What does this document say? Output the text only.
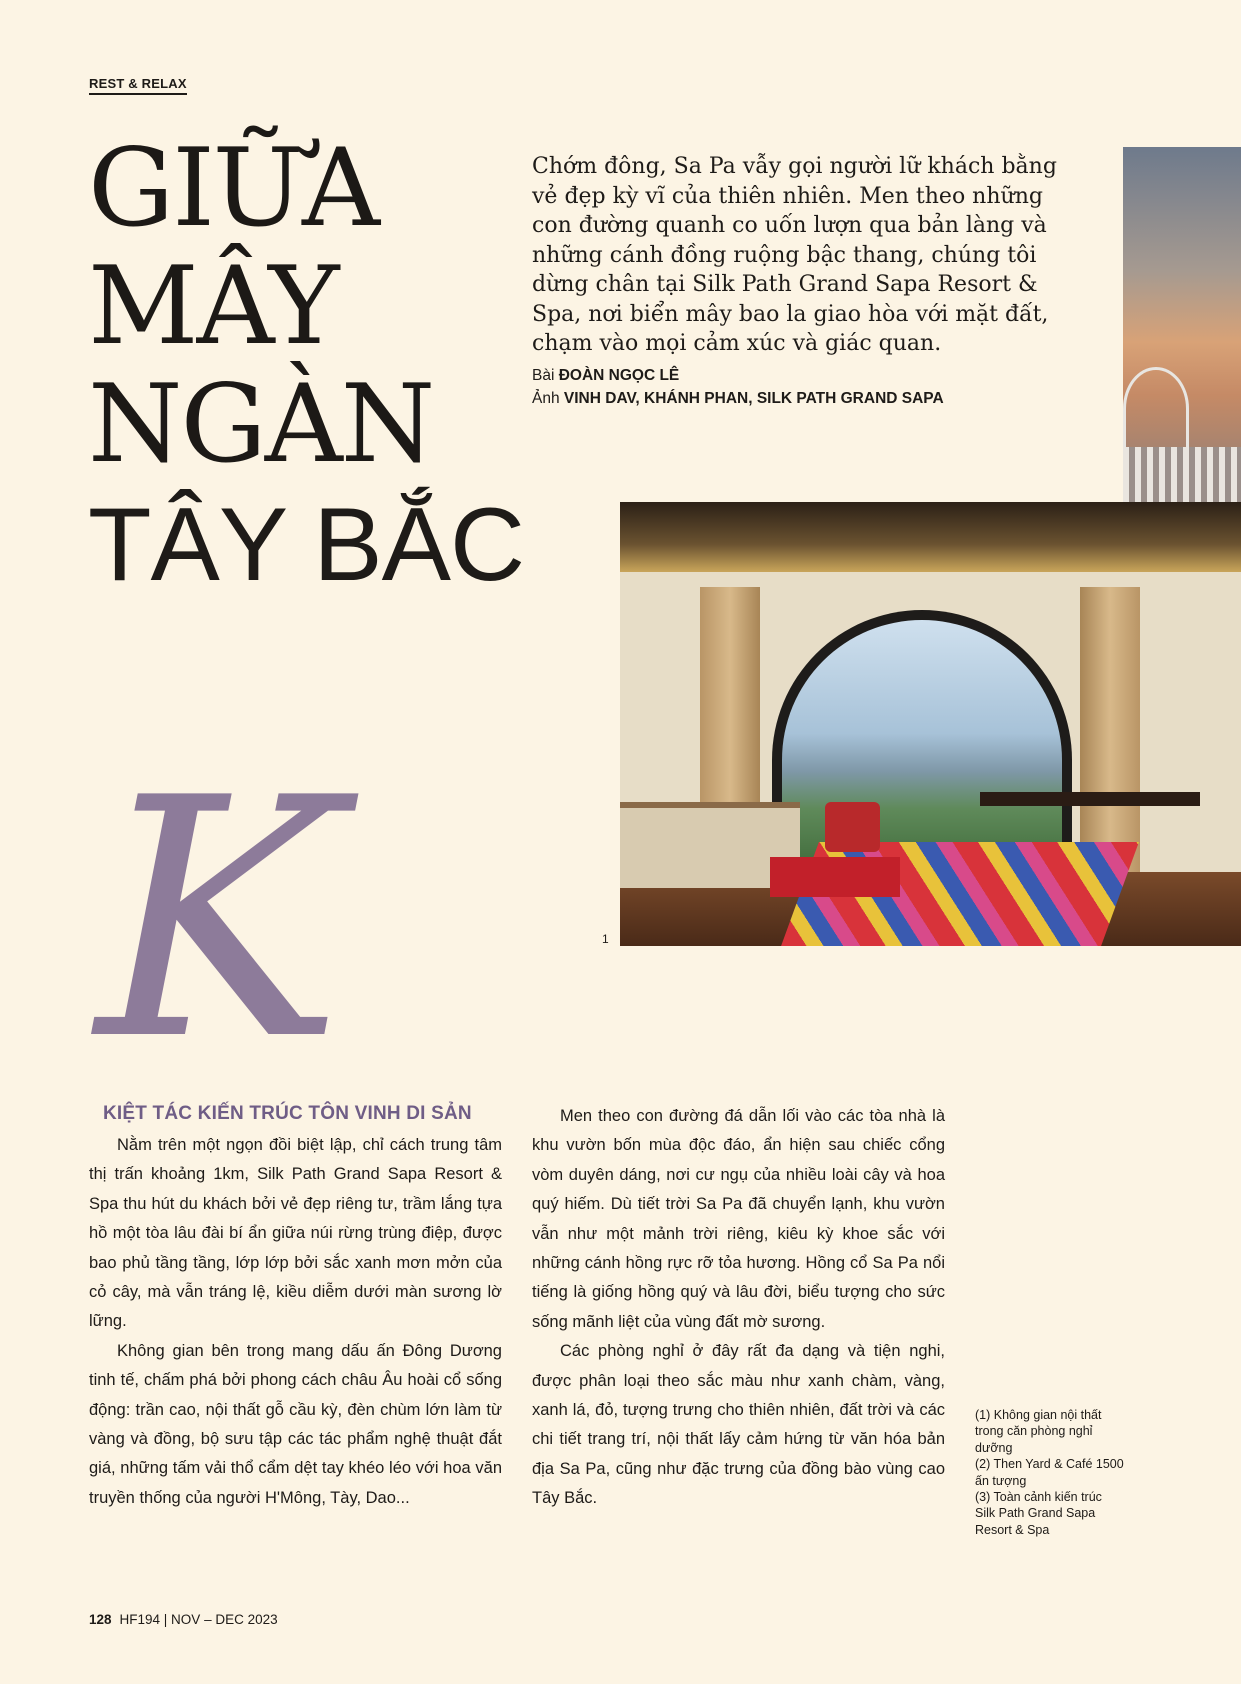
REST & RELAX
GIỮA
MÂY
NGÀN
TÂY BẮC

Chớm đông, Sa Pa vẫy gọi người lữ khách bằng vẻ đẹp kỳ vĩ của thiên nhiên. Men theo những con đường quanh co uốn lượn qua bản làng và những cánh đồng ruộng bậc thang, chúng tôi dừng chân tại Silk Path Grand Sapa Resort & Spa, nơi biển mây bao la giao hòa với mặt đất, chạm vào mọi cảm xúc và giác quan.

Bài ĐOÀN NGỌC LÊ
Ảnh VINH DAV, KHÁNH PHAN, SILK PATH GRAND SAPA
1
K
KIỆT TÁC KIẾN TRÚC TÔN VINH DI SẢN

Nằm trên một ngọn đồi biệt lập, chỉ cách trung tâm thị trấn khoảng 1km, Silk Path Grand Sapa Resort & Spa thu hút du khách bởi vẻ đẹp riêng tư, trầm lắng tựa hồ một tòa lâu đài bí ẩn giữa núi rừng trùng điệp, được bao phủ tầng tầng, lớp lớp bởi sắc xanh mơn mởn của cỏ cây, mà vẫn tráng lệ, kiều diễm dưới màn sương lờ lững.

Không gian bên trong mang dấu ấn Đông Dương tinh tế, chấm phá bởi phong cách châu Âu hoài cổ sống động: trần cao, nội thất gỗ cầu kỳ, đèn chùm lớn làm từ vàng và đồng, bộ sưu tập các tác phẩm nghệ thuật đắt giá, những tấm vải thổ cẩm dệt tay khéo léo với hoa văn truyền thống của người H'Mông, Tày, Dao...

Men theo con đường đá dẫn lối vào các tòa nhà là khu vườn bốn mùa độc đáo, ẩn hiện sau chiếc cổng vòm duyên dáng, nơi cư ngụ của nhiều loài cây và hoa quý hiếm. Dù tiết trời Sa Pa đã chuyển lạnh, khu vườn vẫn như một mảnh trời riêng, kiêu kỳ khoe sắc với những cánh hồng rực rỡ tỏa hương. Hồng cổ Sa Pa nổi tiếng là giống hồng quý và lâu đời, biểu tượng cho sức sống mãnh liệt của vùng đất mờ sương.

Các phòng nghỉ ở đây rất đa dạng và tiện nghi, được phân loại theo sắc màu như xanh chàm, vàng, xanh lá, đỏ, tượng trưng cho thiên nhiên, đất trời và các chi tiết trang trí, nội thất lấy cảm hứng từ văn hóa bản địa Sa Pa, cũng như đặc trưng của đồng bào vùng cao Tây Bắc.

(1) Không gian nội thất trong căn phòng nghỉ dưỡng
(2) Then Yard & Café 1500 ấn tượng
(3) Toàn cảnh kiến trúc Silk Path Grand Sapa Resort & Spa
128 HF194 | NOV – DEC 2023
